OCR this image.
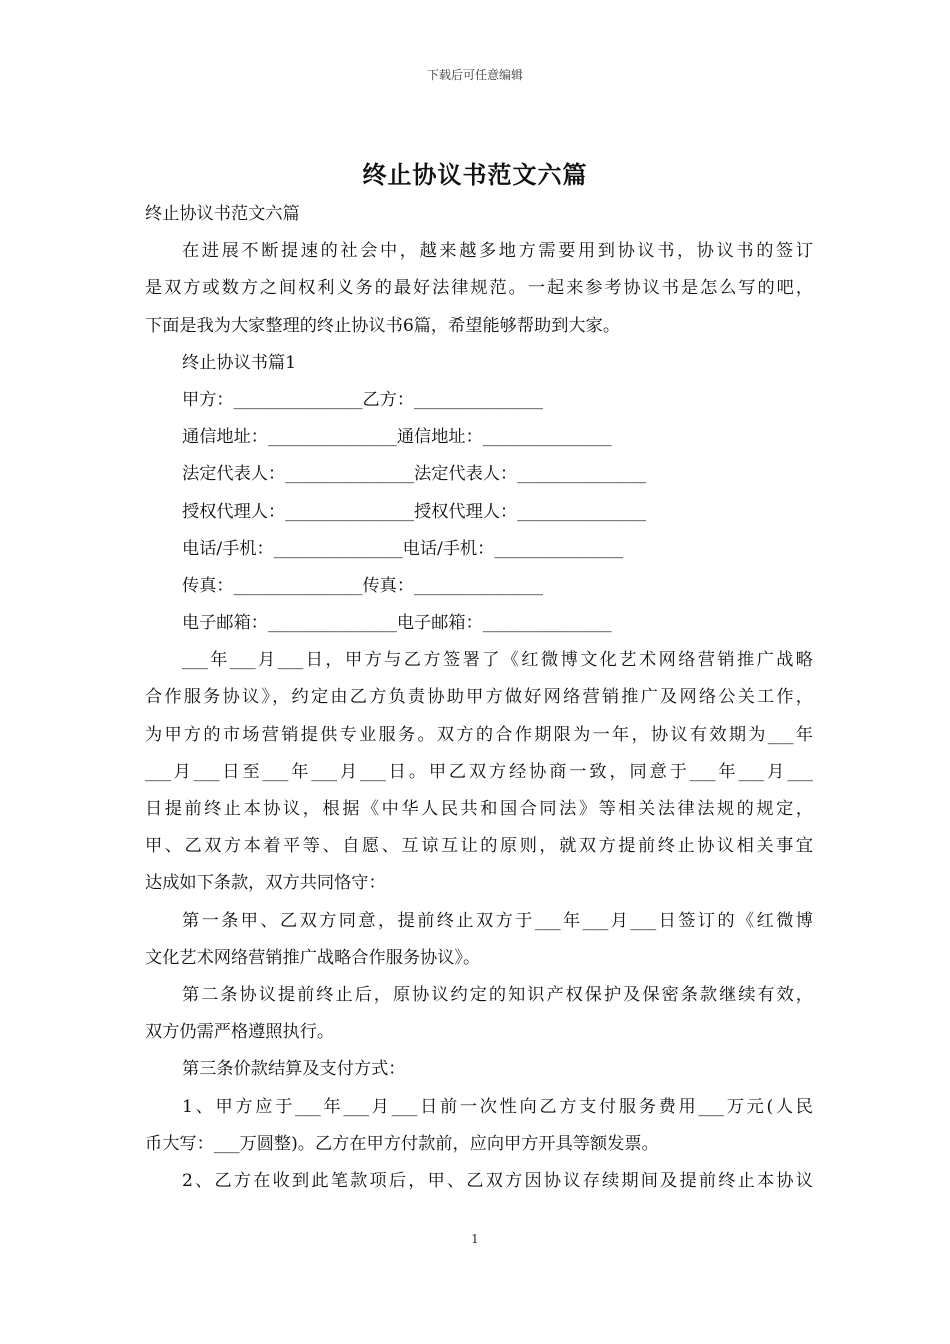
下载后可任意编辑
终止协议书范文六篇
终止协议书范文六篇
在进展不断提速的社会中，越来越多地方需要用到协议书，协议书的签订
是双方或数方之间权利义务的最好法律规范。一起来参考协议书是怎么写的吧，
下面是我为大家整理的终止协议书6篇，希望能够帮助到大家。
终止协议书篇1
甲方：_______________乙方：_______________
通信地址：_______________通信地址：_______________
法定代表人：_______________法定代表人：_______________
授权代理人：_______________授权代理人：_______________
电话/手机：_______________电话/手机：_______________
传真：_______________传真：_______________
电子邮箱：_______________电子邮箱：_______________
___年___月___日，甲方与乙方签署了《红微博文化艺术网络营销推广战略
合作服务协议》，约定由乙方负责协助甲方做好网络营销推广及网络公关工作，
为甲方的市场营销提供专业服务。双方的合作期限为一年，协议有效期为___年
___月___日至___年___月___日。甲乙双方经协商一致，同意于___年___月___
日提前终止本协议，根据《中华人民共和国合同法》等相关法律法规的规定，
甲、乙双方本着平等、自愿、互谅互让的原则，就双方提前终止协议相关事宜
达成如下条款，双方共同恪守：
第一条甲、乙双方同意，提前终止双方于___年___月___日签订的《红微博
文化艺术网络营销推广战略合作服务协议》。
第二条协议提前终止后，原协议约定的知识产权保护及保密条款继续有效，
双方仍需严格遵照执行。
第三条价款结算及支付方式：
1、甲方应于___年___月___日前一次性向乙方支付服务费用___万元(人民
币大写：___万圆整)。乙方在甲方付款前，应向甲方开具等额发票。
2、乙方在收到此笔款项后，甲、乙双方因协议存续期间及提前终止本协议
1
